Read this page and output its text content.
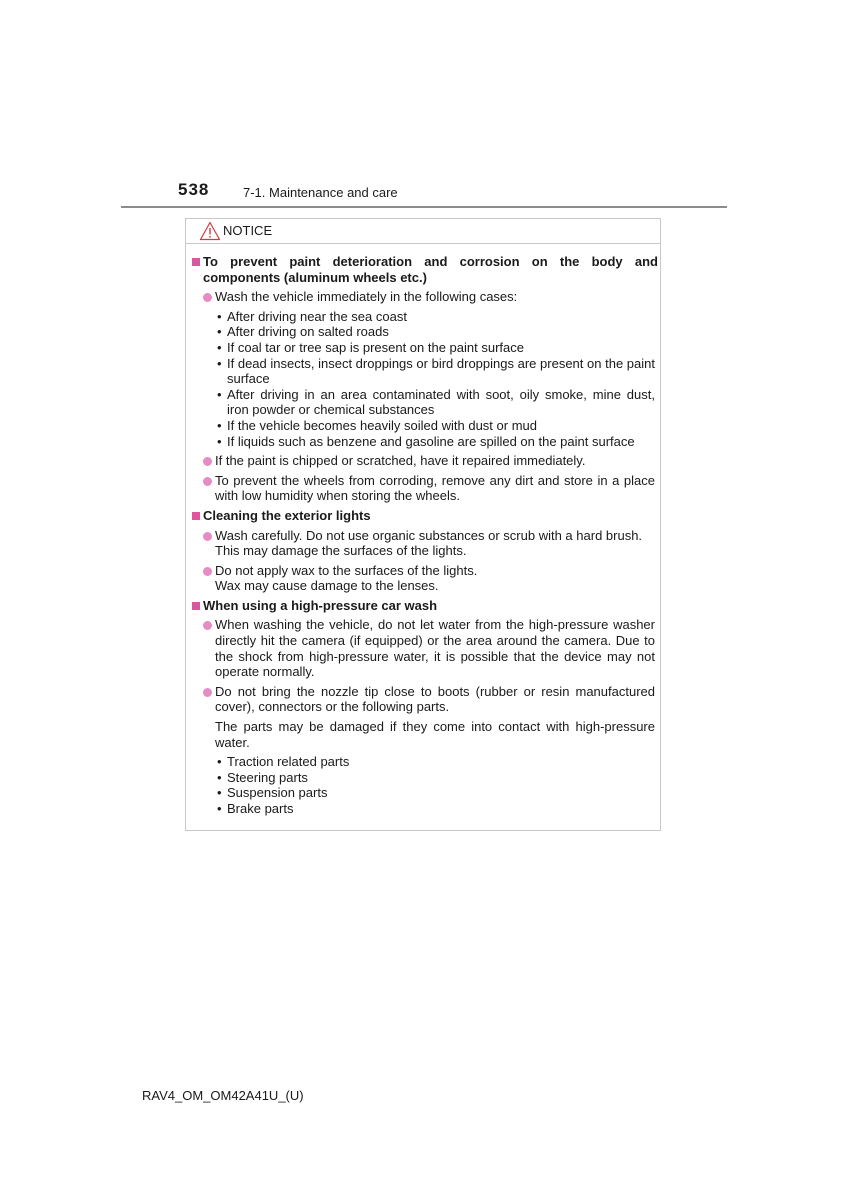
538	7-1. Maintenance and care
NOTICE
To prevent paint deterioration and corrosion on the body and components (aluminum wheels etc.)
Wash the vehicle immediately in the following cases:
• After driving near the sea coast
• After driving on salted roads
• If coal tar or tree sap is present on the paint surface
• If dead insects, insect droppings or bird droppings are present on the paint surface
• After driving in an area contaminated with soot, oily smoke, mine dust, iron powder or chemical substances
• If the vehicle becomes heavily soiled with dust or mud
• If liquids such as benzene and gasoline are spilled on the paint surface
If the paint is chipped or scratched, have it repaired immediately.
To prevent the wheels from corroding, remove any dirt and store in a place with low humidity when storing the wheels.
Cleaning the exterior lights
Wash carefully. Do not use organic substances or scrub with a hard brush.
This may damage the surfaces of the lights.
Do not apply wax to the surfaces of the lights.
Wax may cause damage to the lenses.
When using a high-pressure car wash
When washing the vehicle, do not let water from the high-pressure washer directly hit the camera (if equipped) or the area around the camera. Due to the shock from high-pressure water, it is possible that the device may not operate normally.
Do not bring the nozzle tip close to boots (rubber or resin manufactured cover), connectors or the following parts.
The parts may be damaged if they come into contact with high-pressure water.
• Traction related parts
• Steering parts
• Suspension parts
• Brake parts
RAV4_OM_OM42A41U_(U)
